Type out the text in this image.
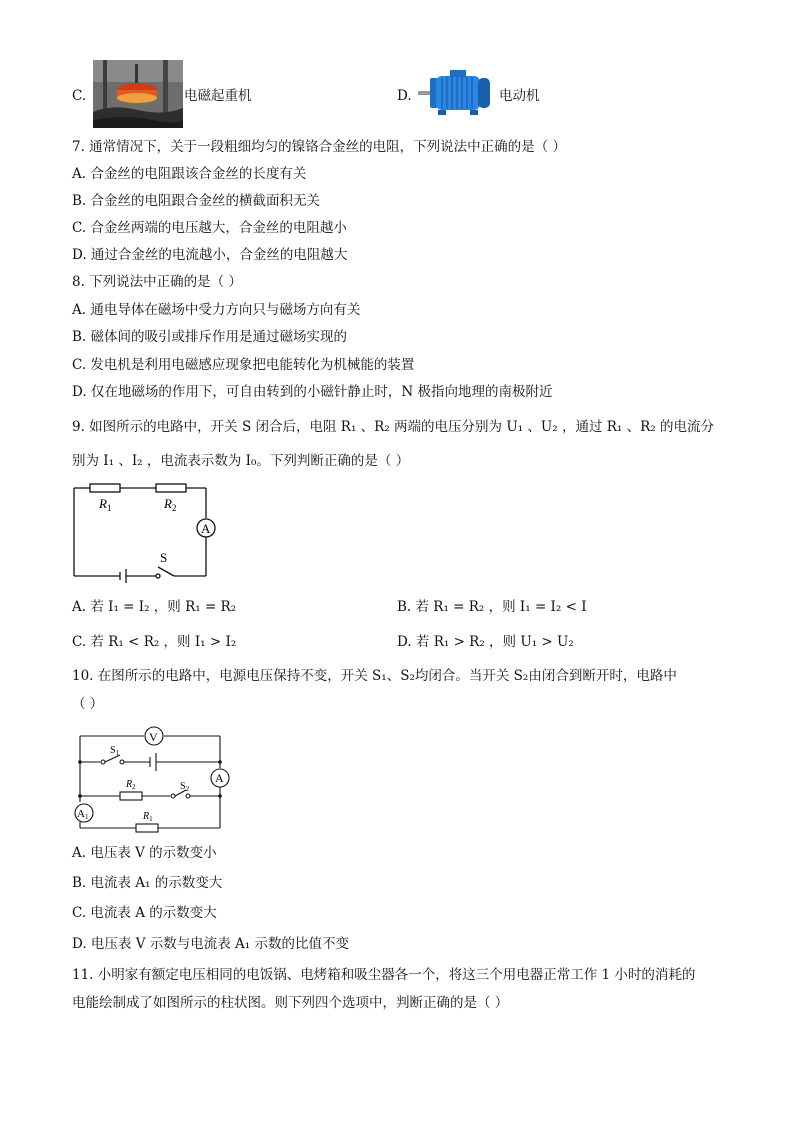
C.	电磁起重机	D.	电动机
7. 通常情况下，关于一段粗细均匀的镍铬合金丝的电阻，下列说法中正确的是（ ）
A. 合金丝的电阻跟该合金丝的长度有关
B. 合金丝的电阻跟合金丝的横截面积无关
C. 合金丝两端的电压越大，合金丝的电阻越小
D. 通过合金丝的电流越小，合金丝的电阻越大
8. 下列说法中正确的是（ ）
A. 通电导体在磁场中受力方向只与磁场方向有关
B. 磁体间的吸引或排斥作用是通过磁场实现的
C. 发电机是利用电磁感应现象把电能转化为机械能的装置
D. 仅在地磁场的作用下，可自由转到的小磁针静止时，N 极指向地理的南极附近
9. 如图所示的电路中，开关 S 闭合后，电阻 R₁ 、R₂ 两端的电压分别为 U₁ 、U₂ ，通过 R₁ 、R₂ 的电流分
别为 I₁ 、I₂ ，电流表示数为 I₀。下列判断正确的是（ ）
$R_1$	$R_2$
A
S
A. 若 I₁ = I₂ ，则 R₁ = R₂	B. 若 R₁ = R₂ ，则 I₁ = I₂ < I
C. 若 R₁ < R₂ ，则 I₁ > I₂	D. 若 R₁ > R₂ ，则 U₁ > U₂
10. 在图所示的电路中，电源电压保持不变，开关 S₁、S₂均闭合。当开关 S₂由闭合到断开时，电路中
（ ）
V
$S_1$
$R_2$	$S_2$
$R_1$
A
A1
A. 电压表 V 的示数变小
B. 电流表 A₁ 的示数变大
C. 电流表 A 的示数变大
D. 电压表 V 示数与电流表 A₁ 示数的比值不变
11. 小明家有额定电压相同的电饭锅、电烤箱和吸尘器各一个，将这三个用电器正常工作 1 小时的消耗的
电能绘制成了如图所示的柱状图。则下列四个选项中，判断正确的是（ ）
